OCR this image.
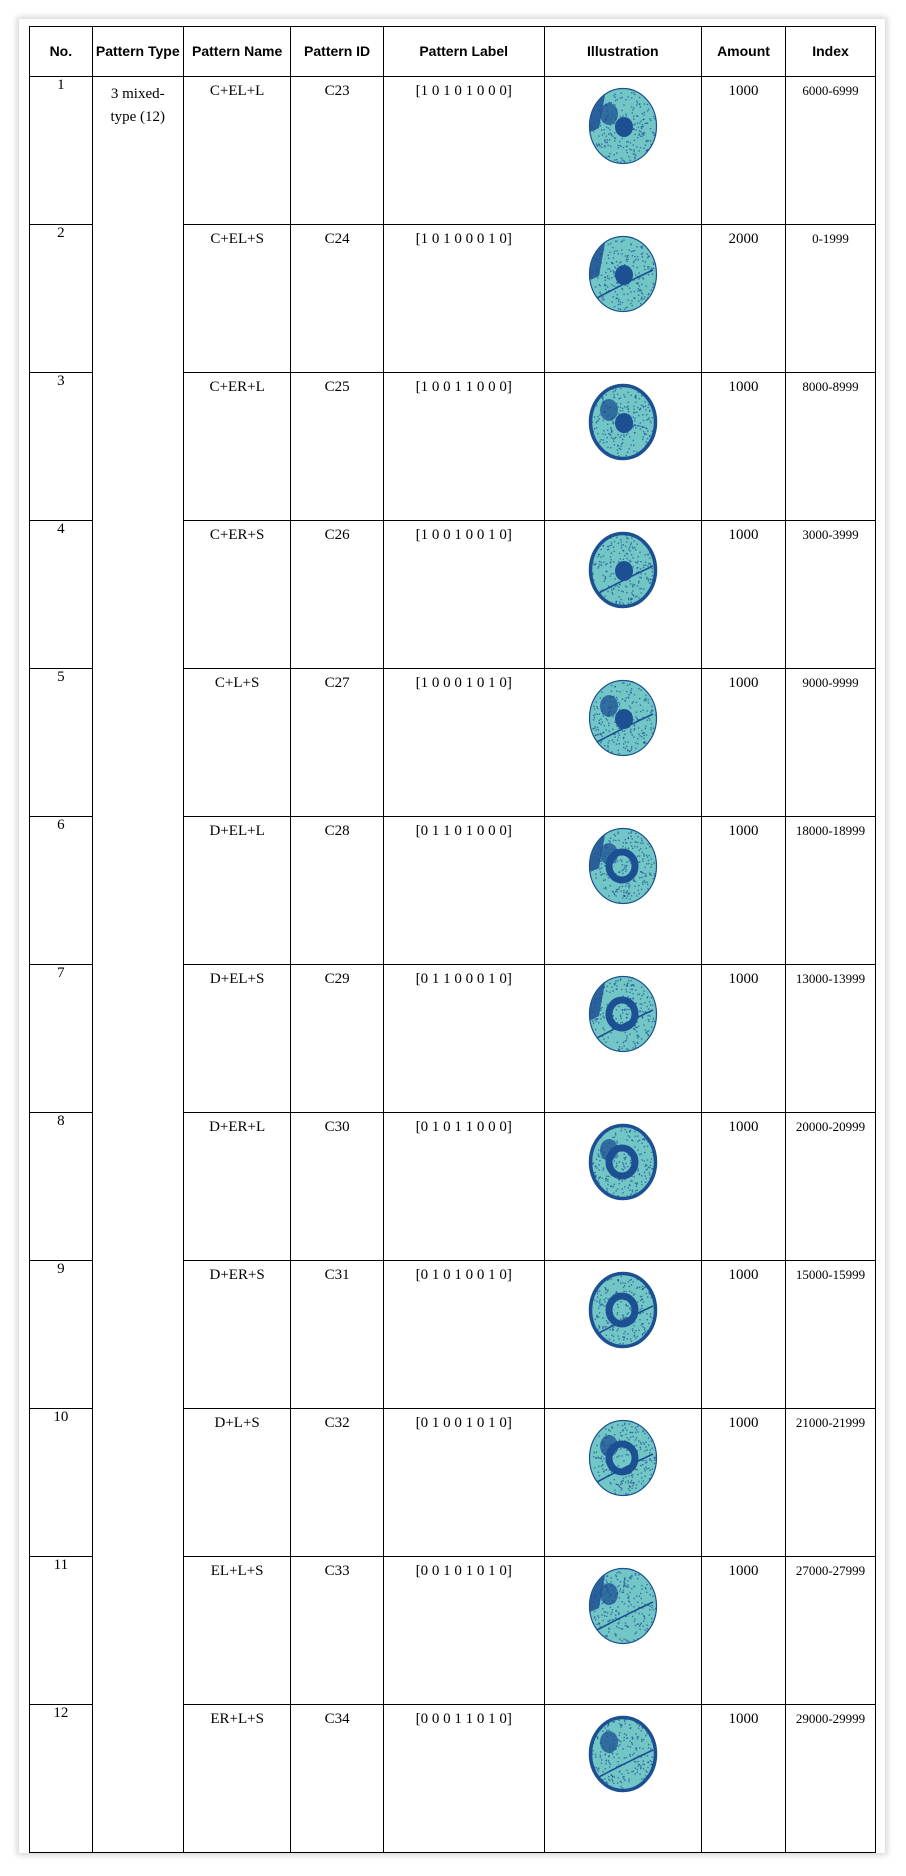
No.	Pattern Type	Pattern Name	Pattern ID	Pattern Label	Illustration	Amount	Index
1	3 mixed-type (12)	C+EL+L	C23	[1 0 1 0 1 0 0 0]		1000	6000-6999

2		C+EL+S	C24	[1 0 1 0 0 0 1 0]		2000	0-1999

3		C+ER+L	C25	[1 0 0 1 1 0 0 0]		1000	8000-8999

4		C+ER+S	C26	[1 0 0 1 0 0 1 0]		1000	3000-3999

5		C+L+S	C27	[1 0 0 0 1 0 1 0]		1000	9000-9999

6		D+EL+L	C28	[0 1 1 0 1 0 0 0]		1000	18000-18999

7		D+EL+S	C29	[0 1 1 0 0 0 1 0]		1000	13000-13999

8		D+ER+L	C30	[0 1 0 1 1 0 0 0]		1000	20000-20999

9		D+ER+S	C31	[0 1 0 1 0 0 1 0]		1000	15000-15999

10		D+L+S	C32	[0 1 0 0 1 0 1 0]		1000	21000-21999

11		EL+L+S	C33	[0 0 1 0 1 0 1 0]		1000	27000-27999

12		ER+L+S	C34	[0 0 0 1 1 0 1 0]		1000	29000-29999
